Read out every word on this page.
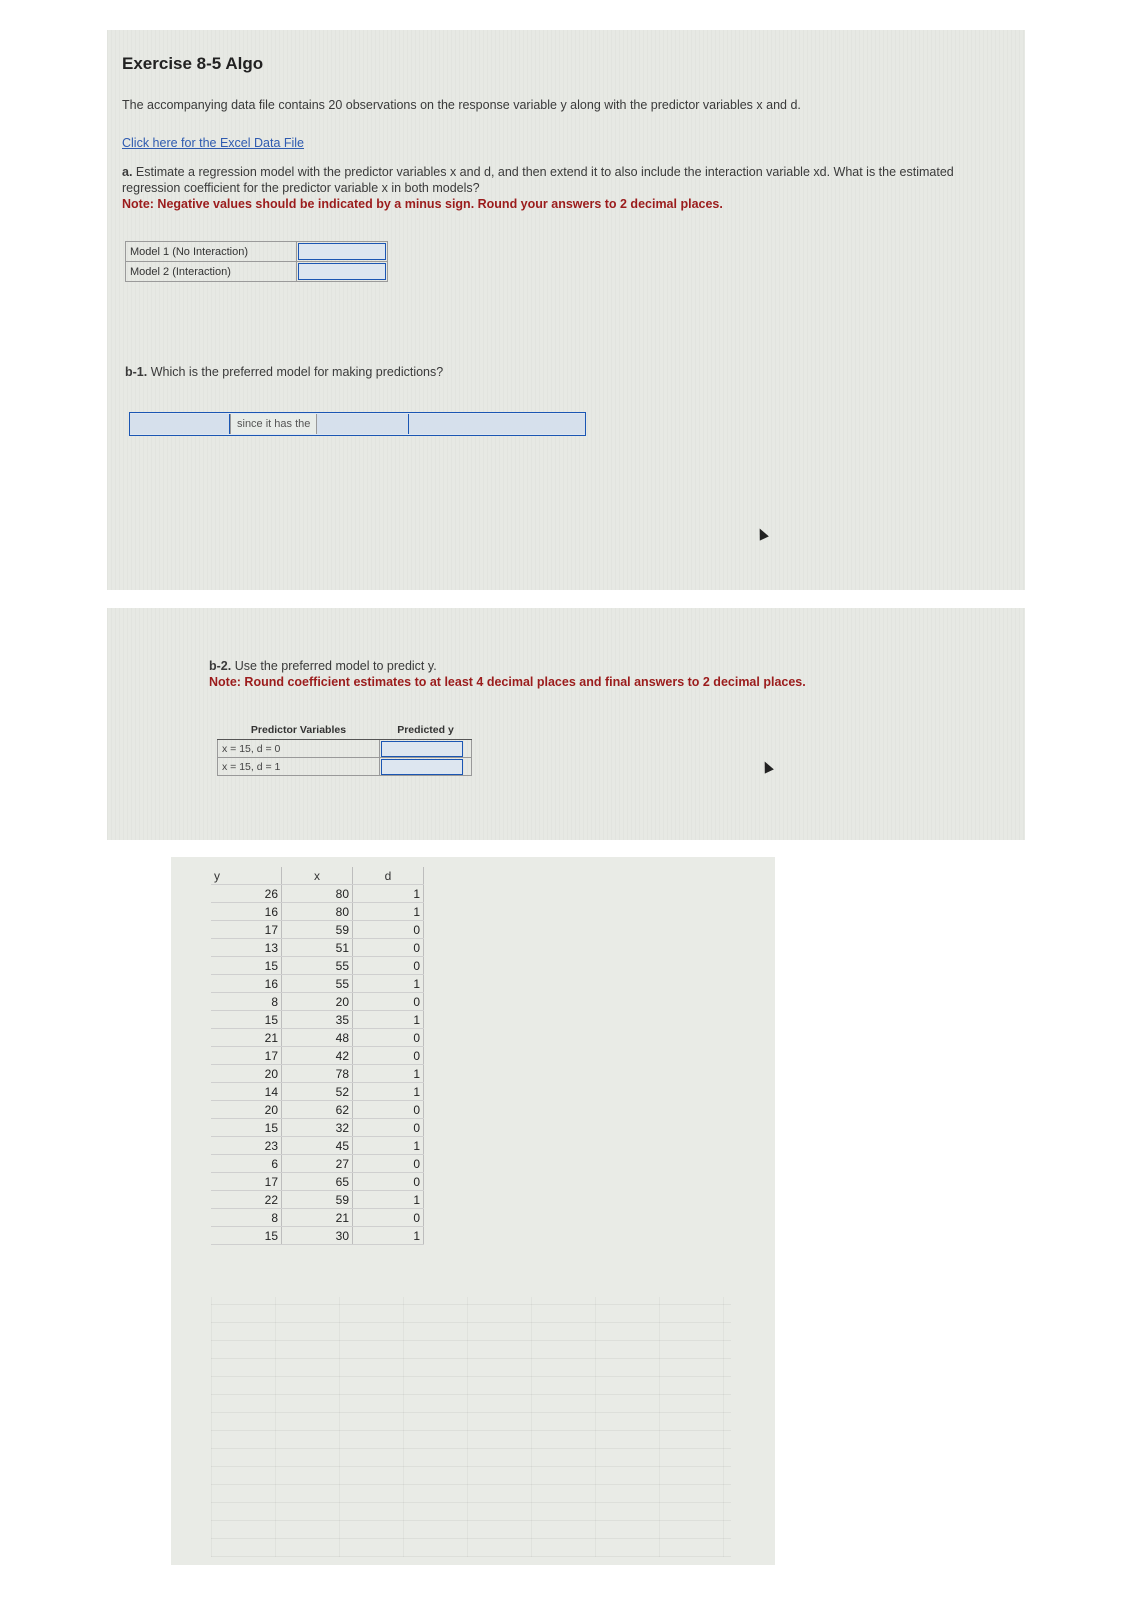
Exercise 8-5 Algo
The accompanying data file contains 20 observations on the response variable y along with the predictor variables x and d.
Click here for the Excel Data File
a. Estimate a regression model with the predictor variables x and d, and then extend it to also include the interaction variable xd. What is the estimated regression coefficient for the predictor variable x in both models?
Note: Negative values should be indicated by a minus sign. Round your answers to 2 decimal places.
Model 1 (No Interaction)	

Model 2 (Interaction)	
b-1. Which is the preferred model for making predictions?
since it has the
b-2. Use the preferred model to predict y.
Note: Round coefficient estimates to at least 4 decimal places and final answers to 2 decimal places.
Predictor Variables	Predicted y
x = 15, d = 0	

x = 15, d = 1	
y	x	d
26	80	1
16	80	1
17	59	0
13	51	0
15	55	0
16	55	1
8	20	0
15	35	1
21	48	0
17	42	0
20	78	1
14	52	1
20	62	0
15	32	0
23	45	1
6	27	0
17	65	0
22	59	1
8	21	0
15	30	1
